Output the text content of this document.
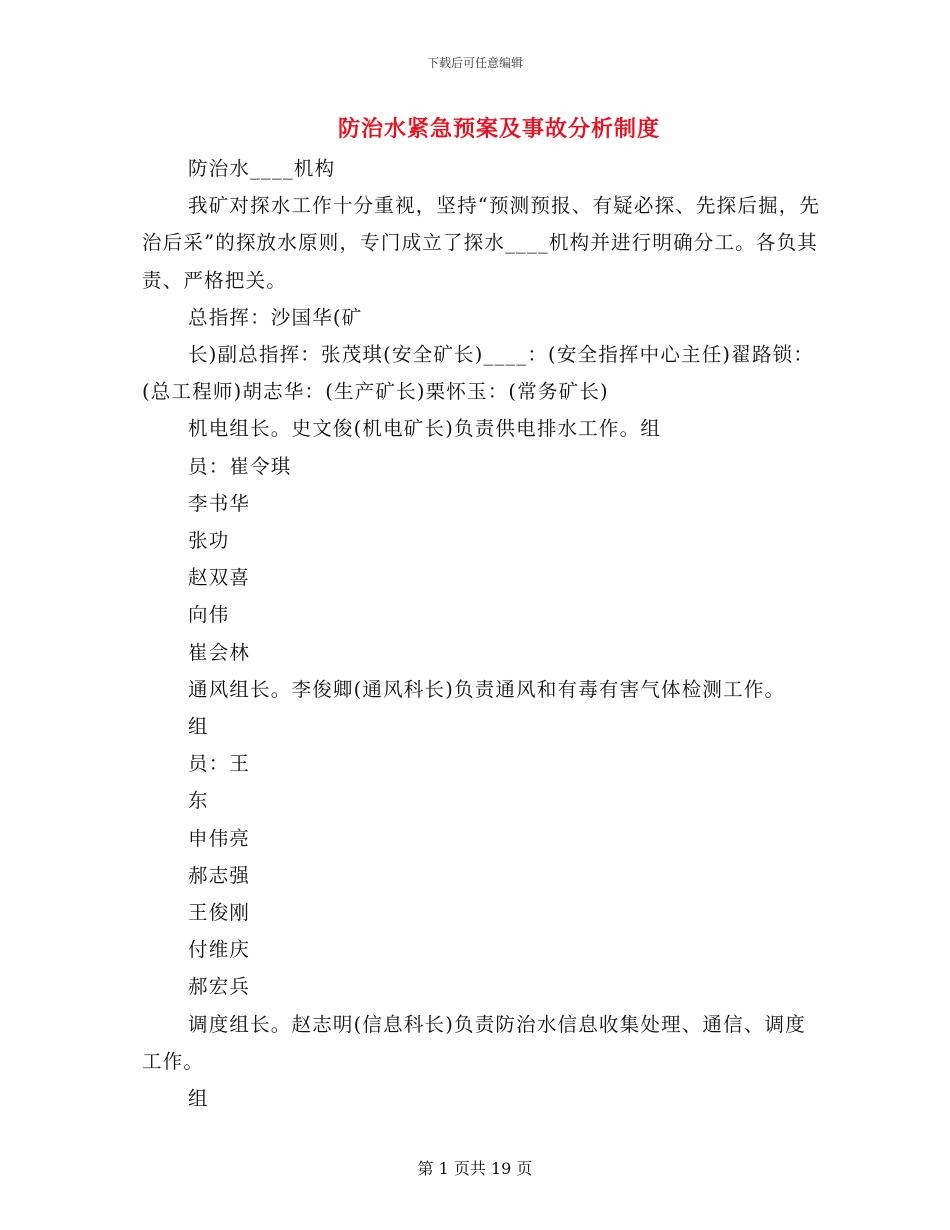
下载后可任意编辑
防治水紧急预案及事故分析制度

防治水____机构

我矿对探水工作十分重视，坚持“预测预报、有疑必探、先探后掘，先治后采”的探放水原则，专门成立了探水____机构并进行明确分工。各负其责、严格把关。

总指挥：沙国华(矿

长)副总指挥：张茂琪(安全矿长)____：(安全指挥中心主任)翟路锁：(总工程师)胡志华：(生产矿长)栗怀玉：(常务矿长)

机电组长。史文俊(机电矿长)负责供电排水工作。组

员：崔令琪

李书华

张功

赵双喜

向伟

崔会林

通风组长。李俊卿(通风科长)负责通风和有毒有害气体检测工作。

组

员：王

东

申伟亮

郝志强

王俊刚

付维庆

郝宏兵

调度组长。赵志明(信息科长)负责防治水信息收集处理、通信、调度工作。

组

第 1 页共 19 页
